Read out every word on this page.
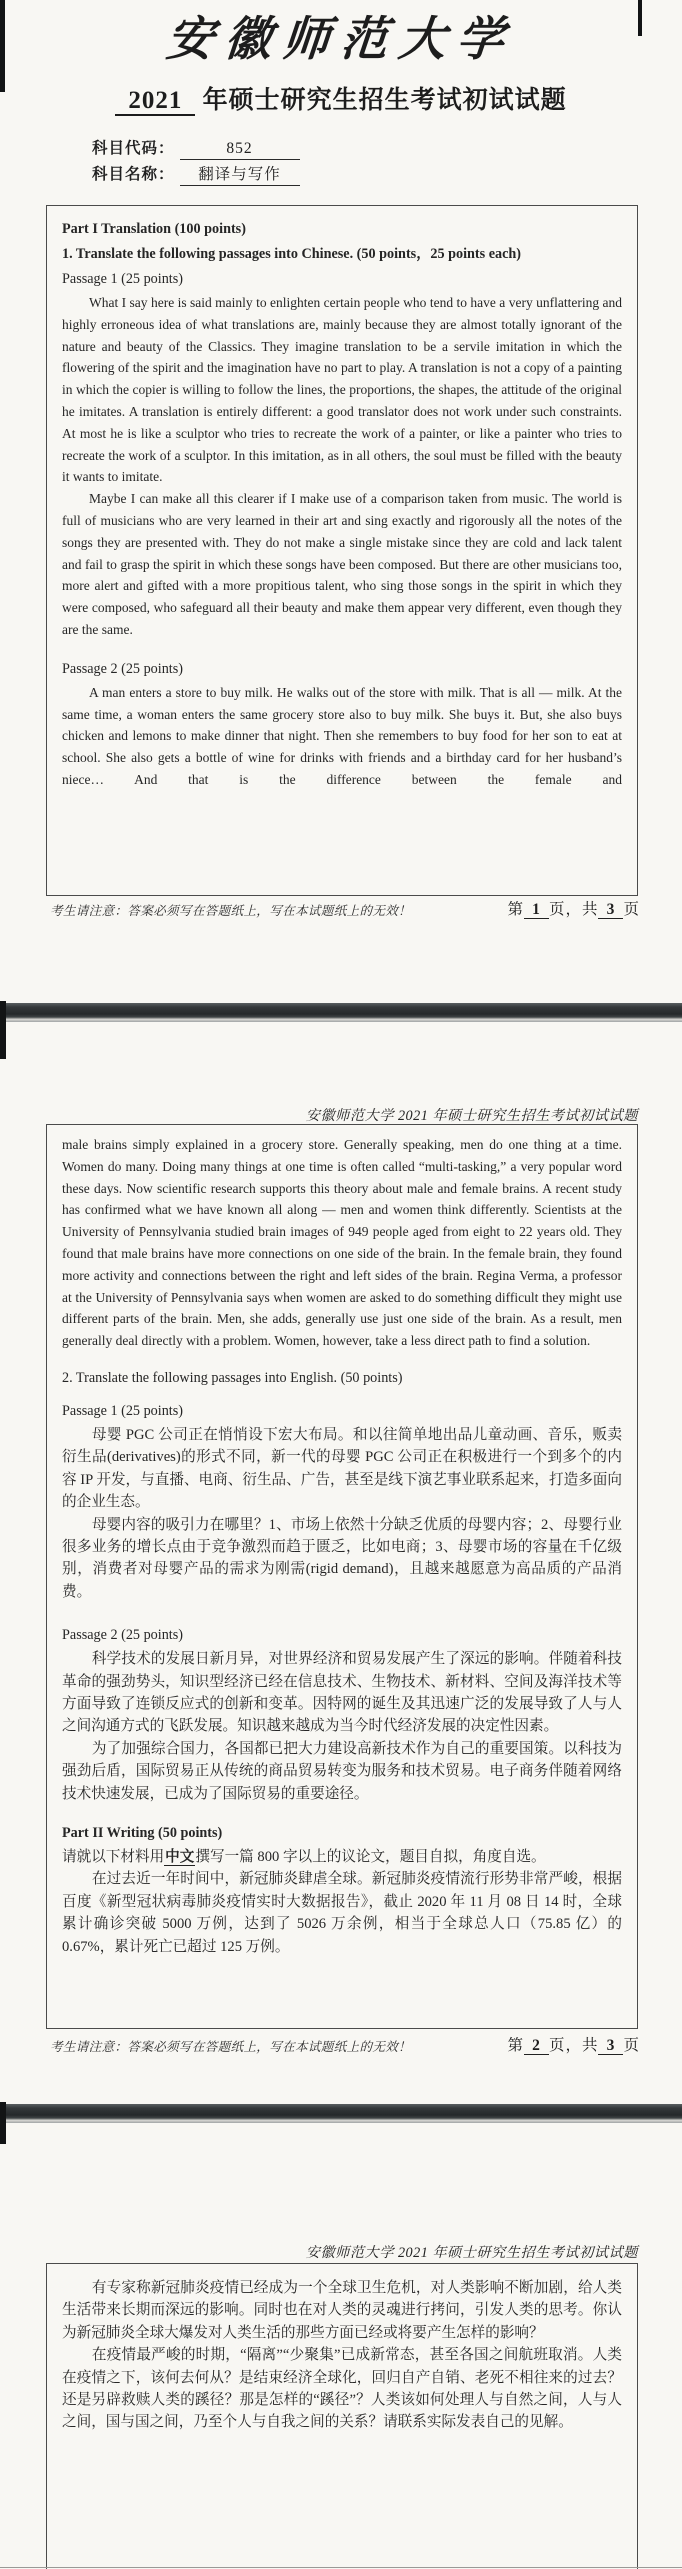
安徽师范大学
2021 年硕士研究生招生考试初试试题
科目代码：	852
科目名称： 翻译与写作

Part I Translation (100 points)

1. Translate the following passages into Chinese. (50 points，25 points each)

Passage 1 (25 points)

What I say here is said mainly to enlighten certain people who tend to have a very unflattering and highly erroneous idea of what translations are, mainly because they are almost totally ignorant of the nature and beauty of the Classics. They imagine translation to be a servile imitation in which the flowering of the spirit and the imagination have no part to play. A translation is not a copy of a painting in which the copier is willing to follow the lines, the proportions, the shapes, the attitude of the original he imitates. A translation is entirely different: a good translator does not work under such constraints. At most he is like a sculptor who tries to recreate the work of a painter, or like a painter who tries to recreate the work of a sculptor. In this imitation, as in all others, the soul must be filled with the beauty it wants to imitate.

Maybe I can make all this clearer if I make use of a comparison taken from music. The world is full of musicians who are very learned in their art and sing exactly and rigorously all the notes of the songs they are presented with. They do not make a single mistake since they are cold and lack talent and fail to grasp the spirit in which these songs have been composed. But there are other musicians too, more alert and gifted with a more propitious talent, who sing those songs in the spirit in which they were composed, who safeguard all their beauty and make them appear very different, even though they are the same.

Passage 2 (25 points)

A man enters a store to buy milk. He walks out of the store with milk. That is all — milk. At the same time, a woman enters the same grocery store also to buy milk. She buys it. But, she also buys chicken and lemons to make dinner that night. Then she remembers to buy food for her son to eat at school. She also gets a bottle of wine for drinks with friends and a birthday card for her husband’s niece… And that is the difference between the female and

考生请注意：答案必须写在答题纸上，写在本试题纸上的无效！	第 1 页，共 3 页
安徽师范大学 2021 年硕士研究生招生考试初试试题

male brains simply explained in a grocery store. Generally speaking, men do one thing at a time. Women do many. Doing many things at one time is often called “multi-tasking,” a very popular word these days. Now scientific research supports this theory about male and female brains. A recent study has confirmed what we have known all along — men and women think differently. Scientists at the University of Pennsylvania studied brain images of 949 people aged from eight to 22 years old. They found that male brains have more connections on one side of the brain. In the female brain, they found more activity and connections between the right and left sides of the brain. Regina Verma, a professor at the University of Pennsylvania says when women are asked to do something difficult they might use different parts of the brain. Men, she adds, generally use just one side of the brain. As a result, men generally deal directly with a problem. Women, however, take a less direct path to find a solution.

2. Translate the following passages into English. (50 points)

Passage 1 (25 points)

母婴 PGC 公司正在悄悄设下宏大布局。和以往简单地出品儿童动画、音乐，贩卖衍生品(derivatives)的形式不同，新一代的母婴 PGC 公司正在积极进行一个到多个的内容 IP 开发，与直播、电商、衍生品、广告，甚至是线下演艺事业联系起来，打造多面向的企业生态。

母婴内容的吸引力在哪里？1、市场上依然十分缺乏优质的母婴内容；2、母婴行业很多业务的增长点由于竞争激烈而趋于匮乏，比如电商；3、母婴市场的容量在千亿级别，消费者对母婴产品的需求为刚需(rigid demand)，且越来越愿意为高品质的产品消费。

Passage 2 (25 points)

科学技术的发展日新月异，对世界经济和贸易发展产生了深远的影响。伴随着科技革命的强劲势头，知识型经济已经在信息技术、生物技术、新材料、空间及海洋技术等方面导致了连锁反应式的创新和变革。因特网的诞生及其迅速广泛的发展导致了人与人之间沟通方式的飞跃发展。知识越来越成为当今时代经济发展的决定性因素。

为了加强综合国力，各国都已把大力建设高新技术作为自己的重要国策。以科技为强劲后盾，国际贸易正从传统的商品贸易转变为服务和技术贸易。电子商务伴随着网络技术快速发展，已成为了国际贸易的重要途径。

Part II Writing (50 points)

请就以下材料用中文撰写一篇 800 字以上的议论文，题目自拟，角度自选。

在过去近一年时间中，新冠肺炎肆虐全球。新冠肺炎疫情流行形势非常严峻，根据百度《新型冠状病毒肺炎疫情实时大数据报告》，截止 2020 年 11 月 08 日 14 时，全球累计确诊突破 5000 万例，达到了 5026 万余例，相当于全球总人口（75.85 亿）的 0.67%，累计死亡已超过 125 万例。

考生请注意：答案必须写在答题纸上，写在本试题纸上的无效！	第 2 页，共 3 页
安徽师范大学 2021 年硕士研究生招生考试初试试题

有专家称新冠肺炎疫情已经成为一个全球卫生危机，对人类影响不断加剧，给人类生活带来长期而深远的影响。同时也在对人类的灵魂进行拷问，引发人类的思考。你认为新冠肺炎全球大爆发对人类生活的那些方面已经或将要产生怎样的影响？

在疫情最严峻的时期，“隔离”“少聚集”已成新常态，甚至各国之间航班取消。人类在疫情之下，该何去何从？是结束经济全球化，回归自产自销、老死不相往来的过去？还是另辟救赎人类的蹊径？那是怎样的“蹊径”？人类该如何处理人与自然之间，人与人之间，国与国之间，乃至个人与自我之间的关系？请联系实际发表自己的见解。
